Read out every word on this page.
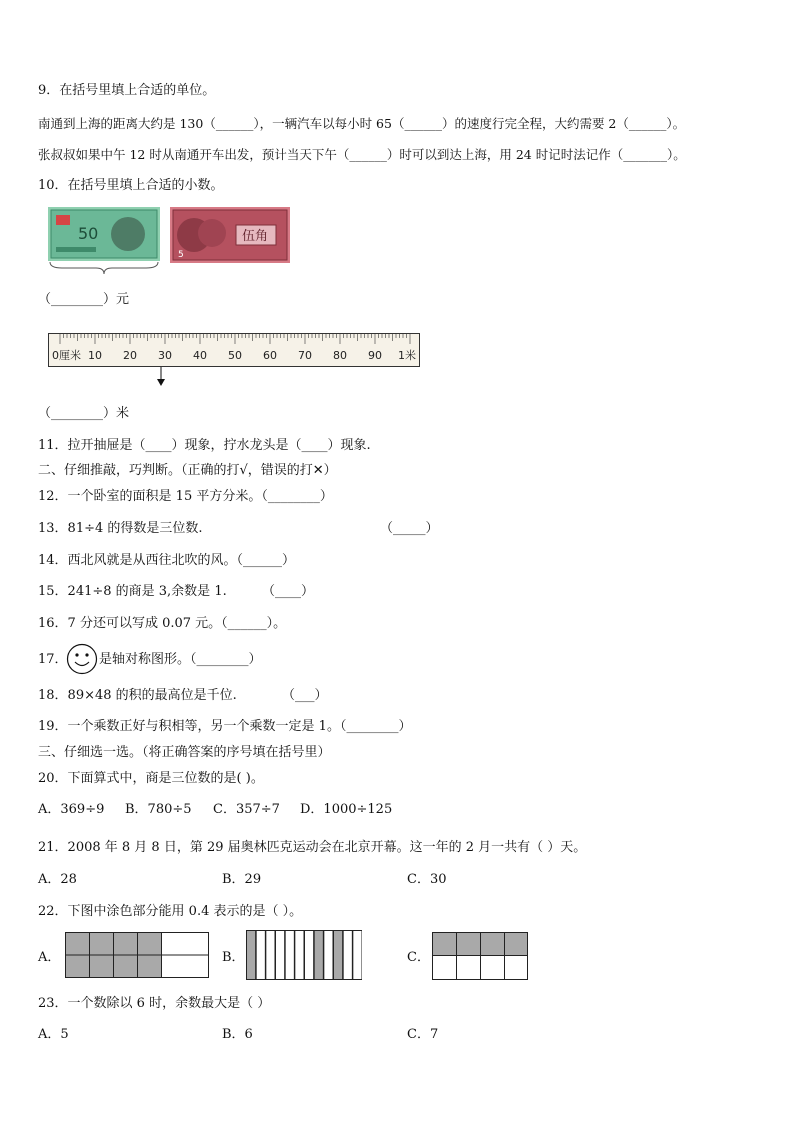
9．在括号里填上合适的单位。
南通到上海的距离大约是 130（______），一辆汽车以每小时 65（______）的速度行完全程，大约需要 2（______）。
张叔叔如果中午 12 时从南通开车出发，预计当天下午（______）时可以到达上海，用 24 时记时法记作（_______）。
10．在括号里填上合适的小数。
50	伍角
5
（________）元
0厘米 10 20 30 40 50 60 70 80 90 1米
（________）米
11．拉开抽屉是（____）现象，拧水龙头是（____）现象.
二、仔细推敲，巧判断。（正确的打√，错误的打✕）
12．一个卧室的面积是 15 平方分米。（________）
13．81÷4 的得数是三位数.	（_____）
14．西北风就是从西往北吹的风。（______）
15．241÷8 的商是 3,余数是 1.	（____）
16．7 分还可以写成 0.07 元。（______）。
17． 是轴对称图形。（________）
18．89×48 的积的最高位是千位.	（___）
19．一个乘数正好与积相等，另一个乘数一定是 1。（________）
三、仔细选一选。（将正确答案的序号填在括号里）
20．下面算式中，商是三位数的是( )。
A．369÷9 B．780÷5 C．357÷7 D．1000÷125
21．2008 年 8 月 8 日，第 29 届奥林匹克运动会在北京开幕。这一年的 2 月一共有（ ）天。
A．28	B．29	C．30
22．下图中涂色部分能用 0.4 表示的是（ ）。
A．	B．	C．
23．一个数除以 6 时，余数最大是（ ）
A．5	B．6	C．7
